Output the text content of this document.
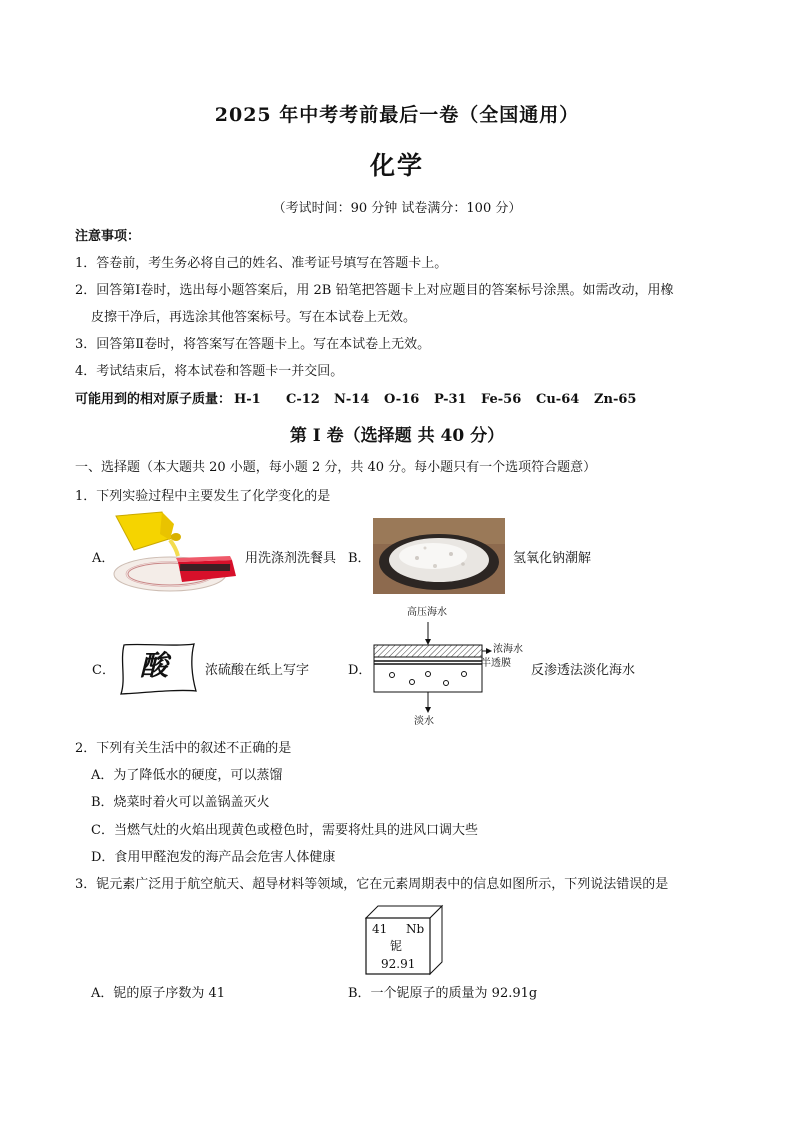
2025 年中考考前最后一卷（全国通用）
化学
（考试时间：90 分钟 试卷满分：100 分）
注意事项：
1．答卷前，考生务必将自己的姓名、准考证号填写在答题卡上。
2．回答第Ⅰ卷时，选出每小题答案后，用 2B 铅笔把答题卡上对应题目的答案标号涂黑。如需改动，用橡
皮擦干净后，再选涂其他答案标号。写在本试卷上无效。
3．回答第Ⅱ卷时，将答案写在答题卡上。写在本试卷上无效。
4．考试结束后，将本试卷和答题卡一并交回。
可能用到的相对原子质量： H-1 C-12 N-14 O-16 P-31 Fe-56 Cu-64 Zn-65
第 I 卷（选择题 共 40 分）
一、选择题（本大题共 20 小题，每小题 2 分，共 40 分。每小题只有一个选项符合题意）
1．下列实验过程中主要发生了化学变化的是
A．	用洗涤剂洗餐具 B．	氢氧化钠潮解
C． 酸	浓硫酸在纸上写字	D．
高压海水
浓海水
半透膜
淡水
反渗透法淡化海水
2．下列有关生活中的叙述不正确的是
A．为了降低水的硬度，可以蒸馏
B．烧菜时着火可以盖锅盖灭火
C．当燃气灶的火焰出现黄色或橙色时，需要将灶具的进风口调大些
D．食用甲醛泡发的海产品会危害人体健康
3．铌元素广泛用于航空航天、超导材料等领域，它在元素周期表中的信息如图所示，下列说法错误的是
41 Nb
铌
92.91
A．铌的原子序数为 41	B．一个铌原子的质量为 92.91g
